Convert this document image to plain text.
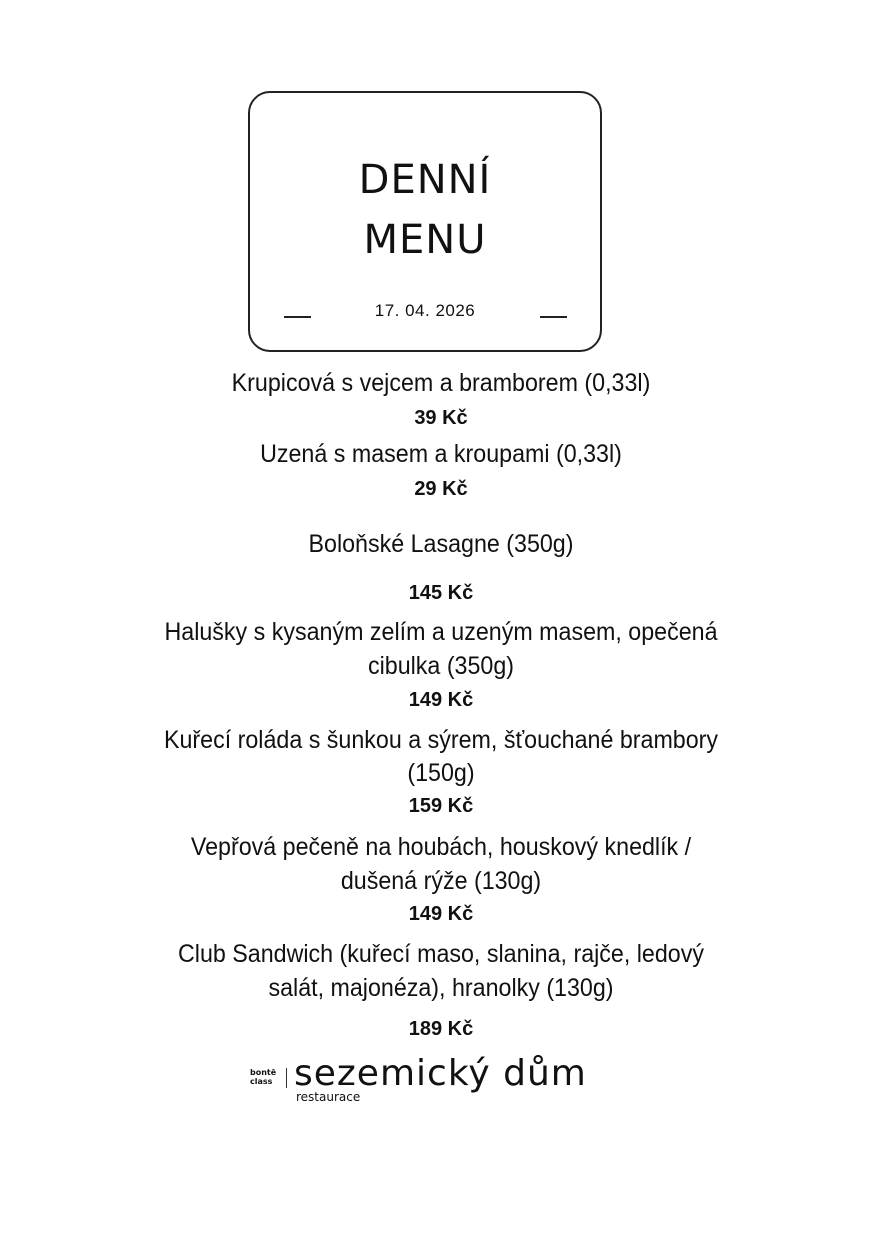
DENNÍ
MENU
17. 04. 2026
Krupicová s vejcem a bramborem (0,33l)
39 Kč
Uzená s masem a kroupami (0,33l)
29 Kč
Boloňské Lasagne (350g)
145 Kč
Halušky s kysaným zelím a uzeným masem, opečená
cibulka (350g)
149 Kč
Kuřecí roláda s šunkou a sýrem, šťouchané brambory
(150g)
159 Kč
Vepřová pečeně na houbách, houskový knedlík /
dušená rýže (130g)
149 Kč
Club Sandwich (kuřecí maso, slanina, rajče, ledový
salát, majonéza), hranolky (130g)
189 Kč
bontē
class sezemický dům
restaurace
